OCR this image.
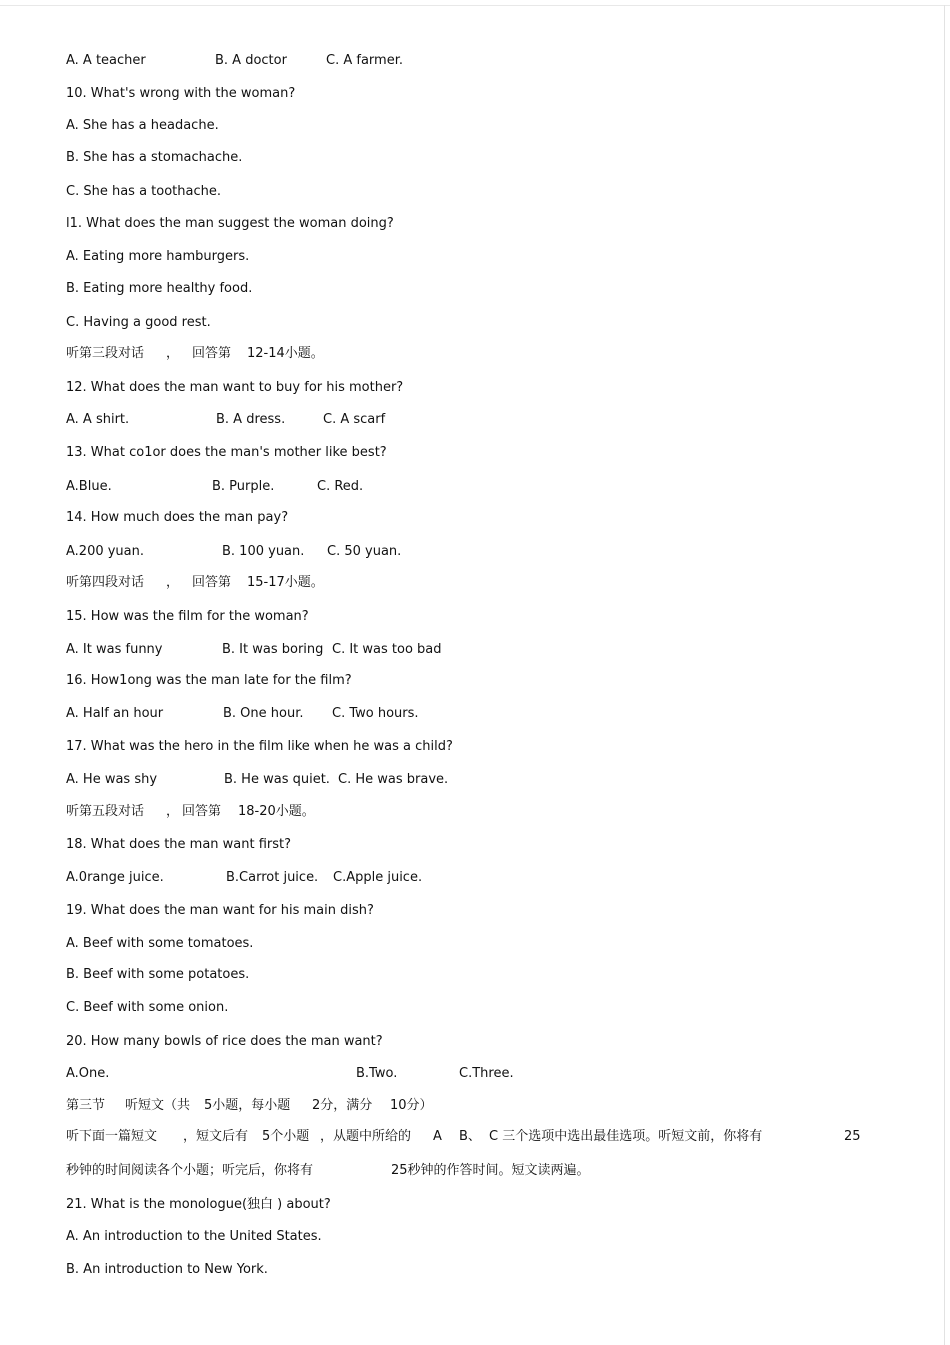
A. A teacher	B. A doctor	C. A farmer.
10. What's wrong with the woman?
A. She has a headache.
B. She has a stomachache.
C. She has a toothache.
l1. What does the man suggest the woman doing?
A. Eating more hamburgers.
B. Eating more healthy food.
C. Having a good rest.
听第三段对话 ， 回答第 12-14小题。
12. What does the man want to buy for his mother?
A. A shirt.	B. A dress.	C. A scarf
13. What co1or does the man's mother like best?
A.Blue.	B. Purple.	C. Red.
14. How much does the man pay?
A.200 yuan.	B. 100 yuan. C. 50 yuan.
听第四段对话 ， 回答第 15-17小题。
15. How was the film for the woman?
A. It was funny	B. It was boring C. It was too bad
16. How1ong was the man late for the film?
A. Half an hour	B. One hour. C. Two hours.
17. What was the hero in the film like when he was a child?
A. He was shy	B. He was quiet. C. He was brave.
听第五段对话 ， 回答第 18-20小题。
18. What does the man want first?
A.0range juice.	B.Carrot juice. C.Apple juice.
19. What does the man want for his main dish?
A. Beef with some tomatoes.
B. Beef with some potatoes.
C. Beef with some onion.
20. How many bowls of rice does the man want?
A.One.	B.Two.	C.Three.
第三节 听短文（共 5小题，每小题 2分，满分 10分）
听下面一篇短文 ，短文后有 5个小题 ，从题中所给的 A B、 C 三个选项中选出最佳选项。听短文前，你将有	25
秒钟的时间阅读各个小题；听完后，你将有	25秒钟的作答时间。短文读两遍。
21. What is the monologue(独白 ) about?
A. An introduction to the United States.
B. An introduction to New York.
